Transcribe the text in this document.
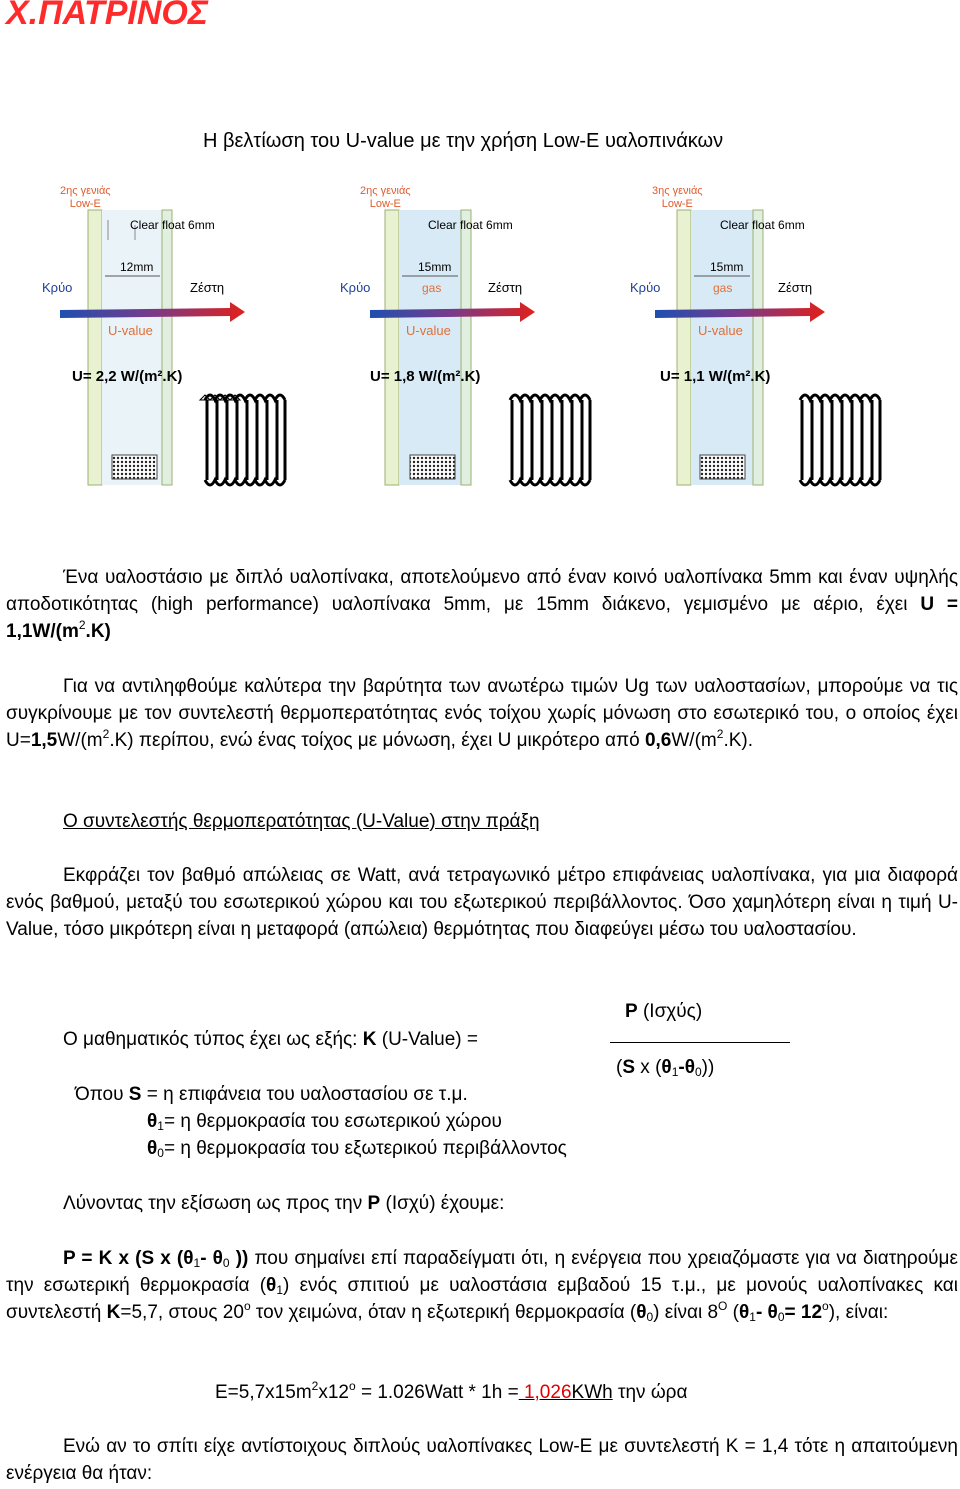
Χ.ΠΑΤΡΙΝΟΣ
Η βελτίωση του U-value με την χρήση Low-E υαλοπινάκων
2ης γενιάς
Low-E
Clear float 6mm
12mm
Κρύο	Ζέστη
U-value
U= 2,2 W/(m².K)
2ης γενιάς
Low-E
Clear float 6mm
15mm
gas
Κρύο	Ζέστη
U-value
U= 1,8 W/(m².K)
3ης γενιάς
Low-E
Clear float 6mm
15mm
gas
Κρύο	Ζέστη
U-value
U= 1,1 W/(m².K)
Ένα υαλοστάσιο με διπλό υαλοπίνακα, αποτελούμενο από έναν κοινό υαλοπίνακα 5mm και έναν υψηλής αποδοτικότητας (high performance) υαλοπίνακα 5mm, με 15mm διάκενο, γεμισμένο με αέριο, έχει $U = 1,1W/(m^2.K)$
Για να αντιληφθούμε καλύτερα την βαρύτητα των ανωτέρω τιμών Ug των υαλοστασίων, μπορούμε να τις συγκρίνουμε με τον συντελεστή θερμοπερατότητας ενός τοίχου χωρίς μόνωση στο εσωτερικό του, ο οποίος έχει $U=1,5W/(m^2.K)$ περίπου, ενώ ένας τοίχος με μόνωση, έχει U μικρότερο από $0,6W/(m^2.K)$.
Ο συντελεστής θερμοπερατότητας (U-Value) στην πράξη
Εκφράζει τον βαθμό απώλειας σε Watt, ανά τετραγωνικό μέτρο επιφάνειας υαλοπίνακα, για μια διαφορά ενός βαθμού, μεταξύ του εσωτερικού χώρου και του εξωτερικού περιβάλλοντος. Όσο χαμηλότερη είναι η τιμή U-Value, τόσο μικρότερη είναι η μεταφορά (απώλεια) θερμότητας που διαφεύγει μέσω του υαλοστασίου.
P (Ισχύς)
Ο μαθηματικός τύπος έχει ως εξής: K (U-Value) =
(S x $(\theta_1-\theta_0)$)
Όπου S = η επιφάνεια του υαλοστασίου σε τ.μ.
$\theta_1= \eta$ θερμοκρασία του εσωτερικού χώρου
$\theta_0= \eta$ θερμοκρασία του εξωτερικού περιβάλλοντος
Λύνοντας την εξίσωση ως προς την P (Ισχύ) έχουμε:
P = K x (S x ($\theta_1-$ $\theta_0$ )) που σημαίνει επί παραδείγματι ότι, η ενέργεια που χρειαζόμαστε για να διατηρούμε την εσωτερική θερμοκρασία $(\theta_1)$ ενός σπιτιού με υαλοστάσια εμβαδού 15 τ.μ., με μονούς υαλοπίνακες και συντελεστή K=5,7, στους $20^o$ τον χειμώνα, όταν η εξωτερική θερμοκρασία $(\theta_0)$ είναι $8^O$ ($\theta_1-$ $\theta_0= 12^o$), είναι:
$E=5,7x15m^2x12^o$ = 1.026Watt * 1h = 1,026KWh την ώρα
Ενώ αν το σπίτι είχε αντίστοιχους διπλούς υαλοπίνακες Low-E με συντελεστή K = 1,4 τότε η απαιτούμενη ενέργεια θα ήταν:
